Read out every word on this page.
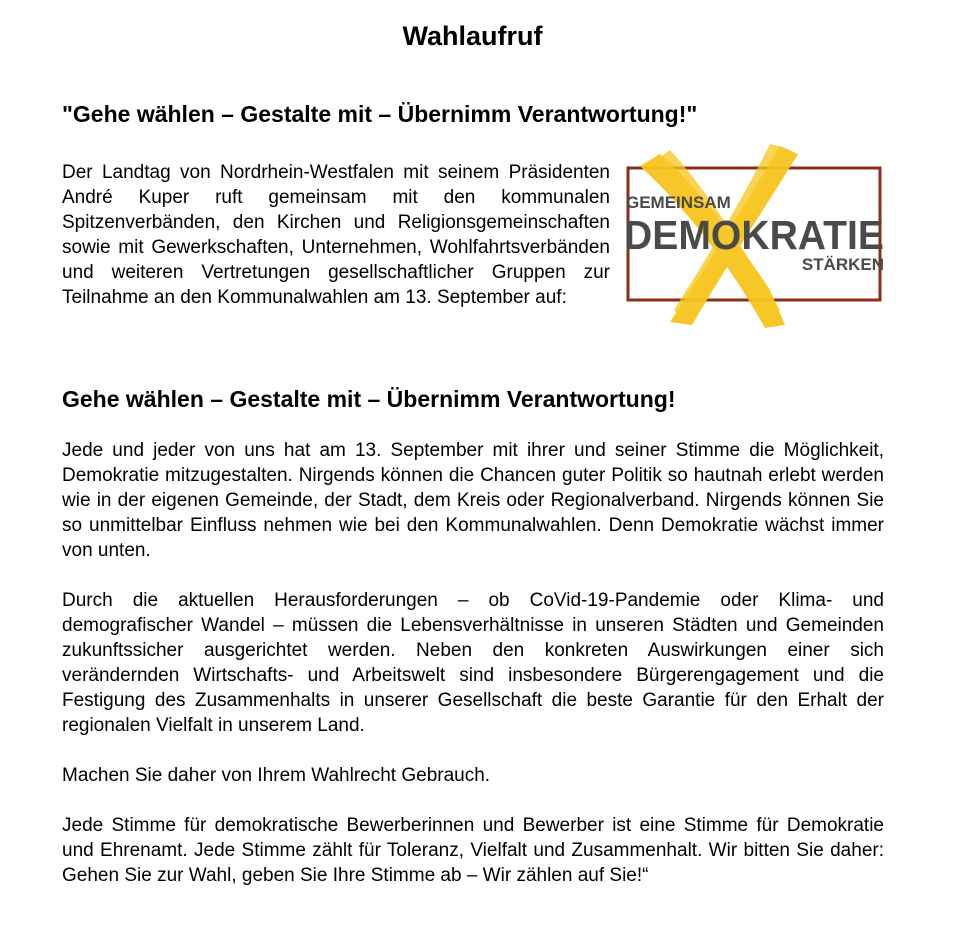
Wahlaufruf
"Gehe wählen – Gestalte mit – Übernimm Verantwortung!"
Der Landtag von Nordrhein-Westfalen mit seinem Präsidenten André Kuper ruft gemeinsam mit den kommunalen Spitzenverbänden, den Kirchen und Religionsgemeinschaften sowie mit Gewerkschaften, Unternehmen, Wohlfahrtsverbänden und weiteren Vertretungen gesellschaftlicher Gruppen zur Teilnahme an den Kommunalwahlen am 13. September auf:
GEMEINSAM
DEMOKRATIE
STÄRKEN
Gehe wählen – Gestalte mit – Übernimm Verantwortung!

Jede und jeder von uns hat am 13. September mit ihrer und seiner Stimme die Möglichkeit, Demokratie mitzugestalten. Nirgends können die Chancen guter Politik so hautnah erlebt werden wie in der eigenen Gemeinde, der Stadt, dem Kreis oder Regionalverband. Nirgends können Sie so unmittelbar Einfluss nehmen wie bei den Kommunalwahlen. Denn Demokratie wächst immer von unten.

Durch die aktuellen Herausforderungen – ob CoVid-19-Pandemie oder Klima- und demografischer Wandel – müssen die Lebensverhältnisse in unseren Städten und Gemeinden zukunftssicher ausgerichtet werden. Neben den konkreten Auswirkungen einer sich verändernden Wirtschafts- und Arbeitswelt sind insbesondere Bürgerengagement und die Festigung des Zusammenhalts in unserer Gesellschaft die beste Garantie für den Erhalt der regionalen Vielfalt in unserem Land.

Machen Sie daher von Ihrem Wahlrecht Gebrauch.

Jede Stimme für demokratische Bewerberinnen und Bewerber ist eine Stimme für Demokratie und Ehrenamt. Jede Stimme zählt für Toleranz, Vielfalt und Zusammenhalt. Wir bitten Sie daher: Gehen Sie zur Wahl, geben Sie Ihre Stimme ab – Wir zählen auf Sie!“
